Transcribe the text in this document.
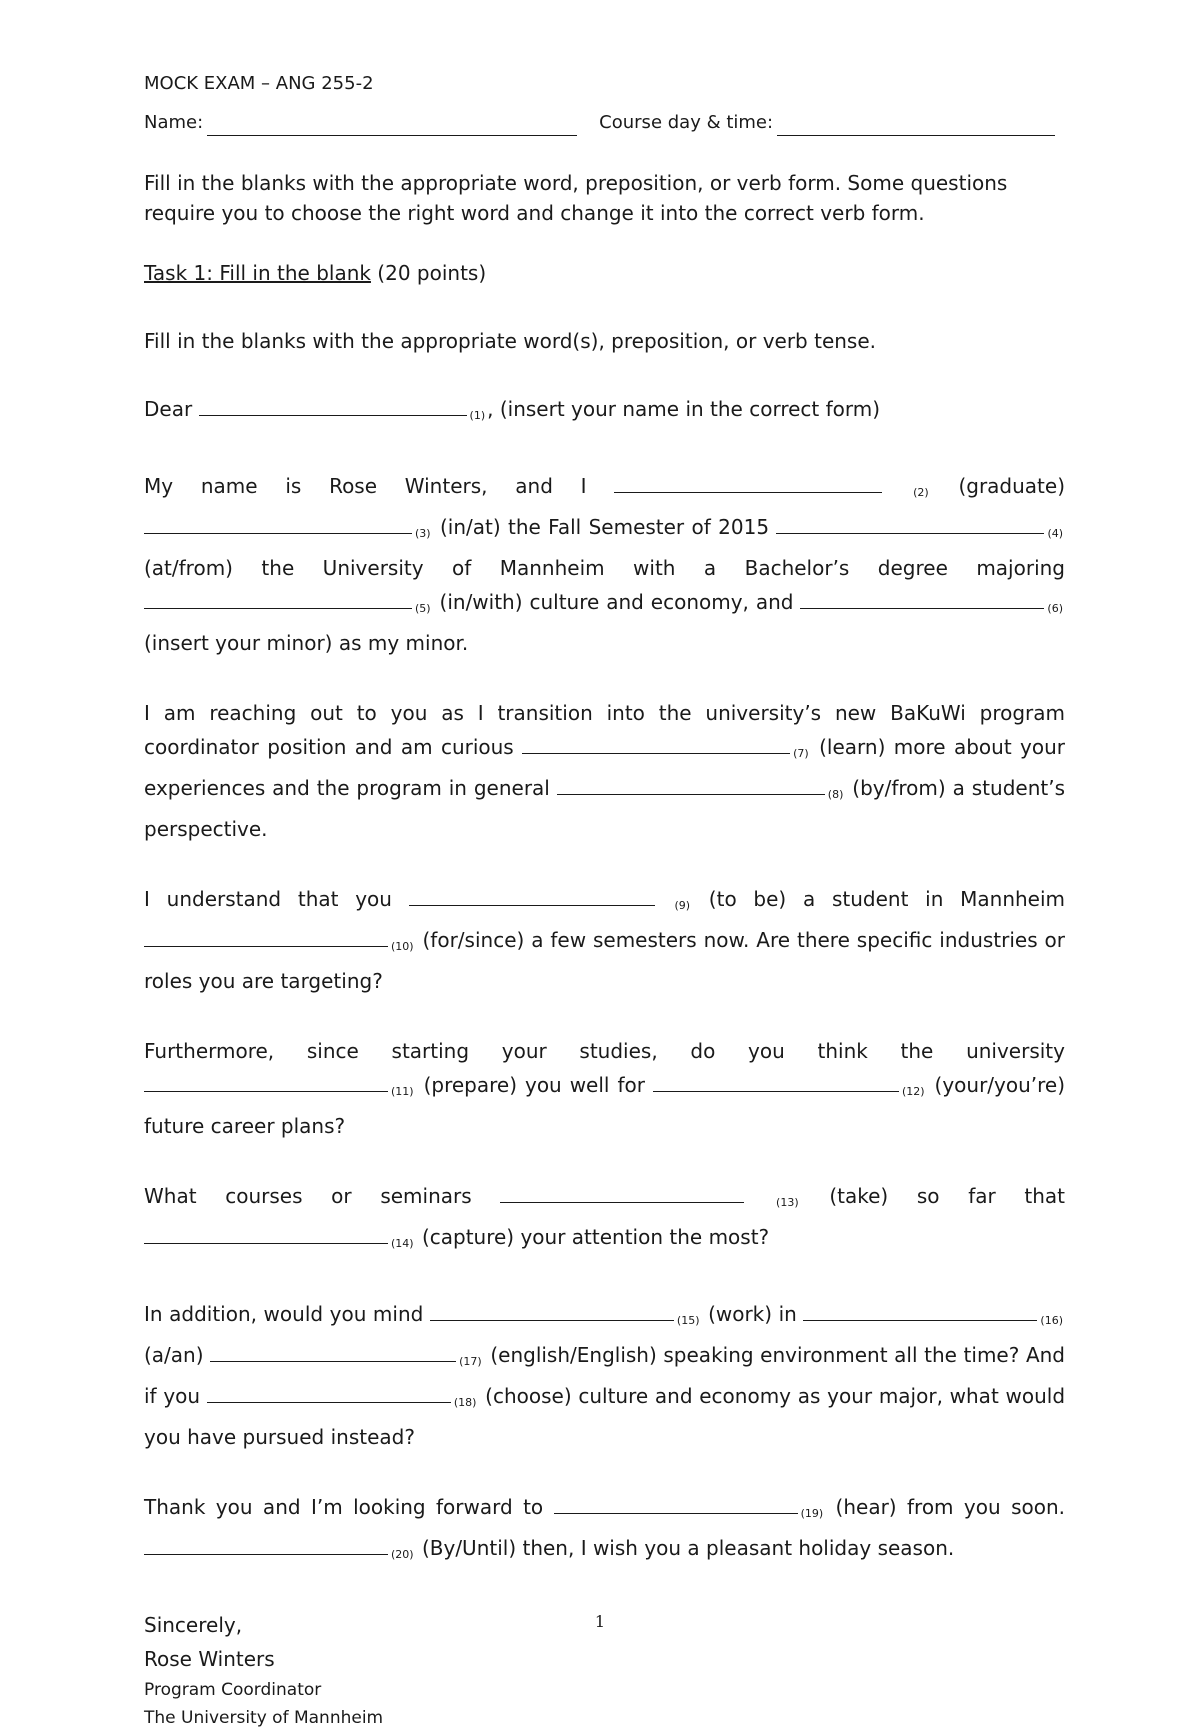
MOCK EXAM – ANG 255-2
Name:	Course day & time:
Fill in the blanks with the appropriate word, preposition, or verb form. Some questions require you to choose the right word and change it into the correct verb form.
Task 1: Fill in the blank (20 points)
Fill in the blanks with the appropriate word(s), preposition, or verb tense.
Dear	(1) , (insert your name in the correct form)
My name is Rose Winters, and I	(2) (graduate) (3) (in/at) the Fall Semester of 2015	(4) (at/from) the University of Mannheim with a Bachelor’s degree majoring (5) (in/with) culture and economy, and	(6) (insert your minor) as my minor.
I am reaching out to you as I transition into the university’s new BaKuWi program coordinator position and am curious	(7) (learn) more about your experiences and the program in general	(8) (by/from) a student’s perspective.
I understand that you	(9) (to be) a student in Mannheim (10) (for/since) a few semesters now. Are there specific industries or roles you are targeting?
Furthermore, since starting your studies, do you think the university (11) (prepare) you well for	(12) (your/you’re) future career plans?
What courses or seminars	(13) (take) so far that (14) (capture) your attention the most?
In addition, would you mind	(15) (work) in	(16) (a/an)	(17) (english/English) speaking environment all the time? And if you	(18) (choose) culture and economy as your major, what would you have pursued instead?
Thank you and I’m looking forward to	(19) (hear) from you soon. (20) (By/Until) then, I wish you a pleasant holiday season.
Sincerely,
Rose Winters
Program Coordinator
The University of Mannheim
1
